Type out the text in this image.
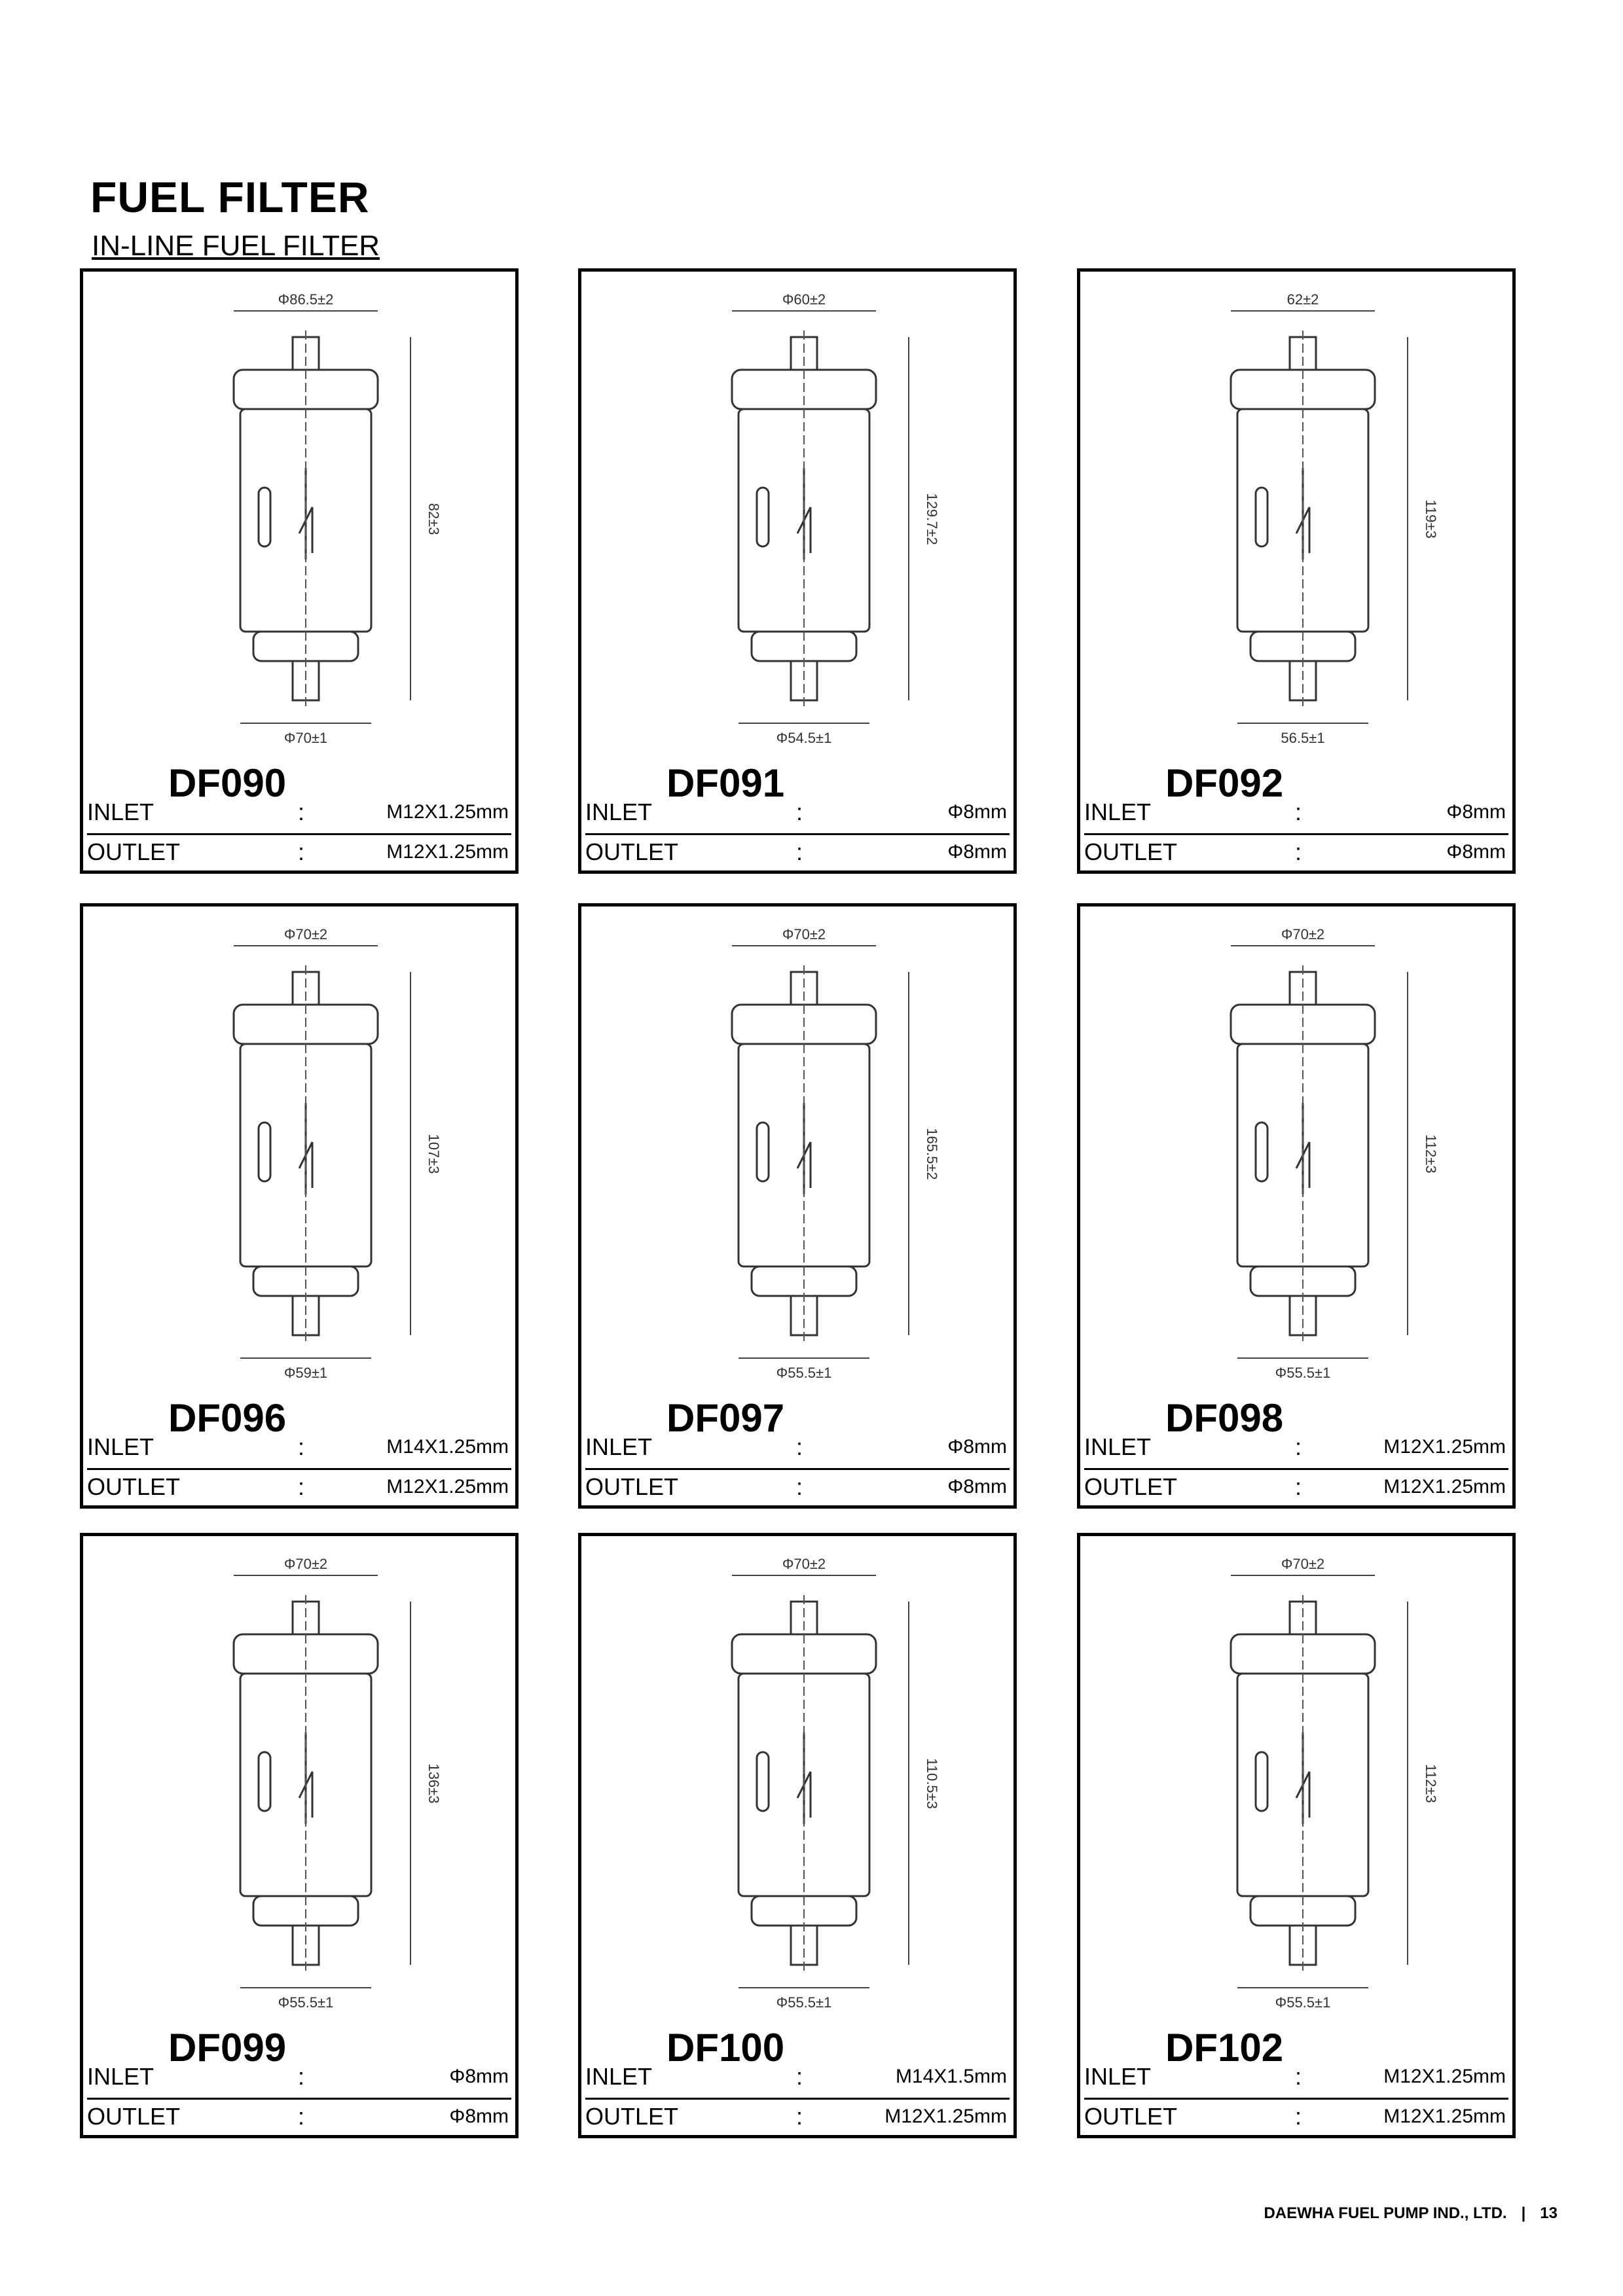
FUEL FILTER
IN-LINE FUEL FILTER
Φ86.5±2
82±3
Φ70±1
DF090
INLET	:	M12X1.25mm
OUTLET	:	M12X1.25mm
Φ60±2
129.7±2
Φ54.5±1
DF091
INLET	:	Φ8mm
OUTLET	:	Φ8mm
62±2
119±3
56.5±1
DF092
INLET	:	Φ8mm
OUTLET	:	Φ8mm
Φ70±2
107±3
Φ59±1
DF096
INLET	:	M14X1.25mm
OUTLET	:	M12X1.25mm
Φ70±2
165.5±2
Φ55.5±1
DF097
INLET	:	Φ8mm
OUTLET	:	Φ8mm
Φ70±2
112±3
Φ55.5±1
DF098
INLET	:	M12X1.25mm
OUTLET	:	M12X1.25mm
Φ70±2
136±3
Φ55.5±1
DF099
INLET	:	Φ8mm
OUTLET	:	Φ8mm
Φ70±2
110.5±3
Φ55.5±1
DF100
INLET	:	M14X1.5mm
OUTLET	:	M12X1.25mm
Φ70±2
112±3
Φ55.5±1
DF102
INLET	:	M12X1.25mm
OUTLET	:	M12X1.25mm
DAEWHA FUEL PUMP IND., LTD. | 13
